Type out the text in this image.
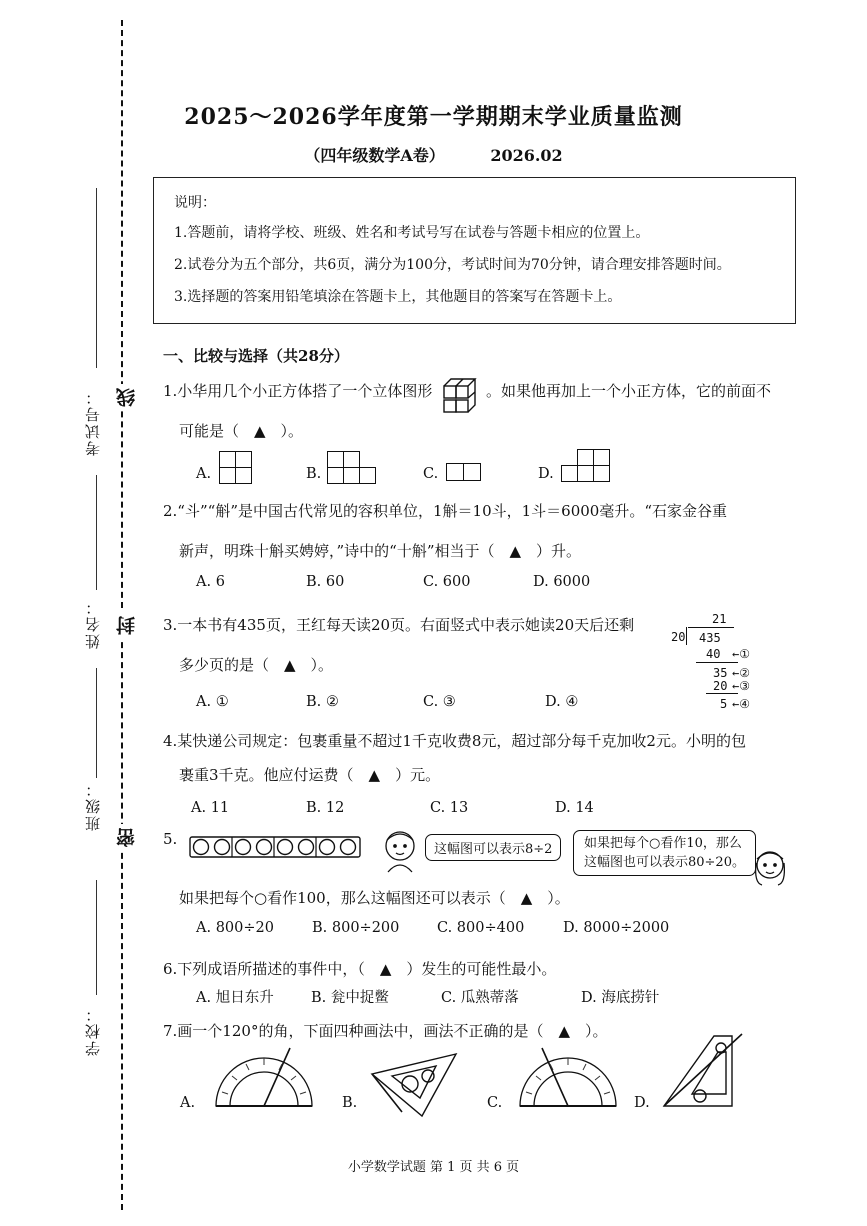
考试号：
姓名：
班级：
学校：
线
封
密
2025～2026学年度第一学期期末学业质量监测
（四年级数学A卷）	2026.02
说明：
1.答题前，请将学校、班级、姓名和考试号写在试卷与答题卡相应的位置上。
2.试卷分为五个部分，共6页，满分为100分，考试时间为70分钟，请合理安排答题时间。
3.选择题的答案用铅笔填涂在答题卡上，其他题目的答案写在答题卡上。
一、比较与选择（共28分）
1.小华用几个小正方体搭了一个立体图形	。如果他再加上一个小正方体，它的前面不
可能是（　▲　）。
A.	B.	C.	D.
2.“斗”“斛”是中国古代常见的容积单位，1斛＝10斗，1斗＝6000毫升。“石家金谷重
新声，明珠十斛买娉婷，”诗中的“十斛”相当于（　▲　）升。
A. 6	B. 60	C. 600	D. 6000
3.一本书有435页，王红每天读20页。右面竖式中表示她读20天后还剩
多少页的是（　▲　）。
A. ①	B. ②	C. ③	D. ④
21
20 435
40 ←①
35 ←②
20 ←③
5 ←④
4.某快递公司规定：包裹重量不超过1千克收费8元，超过部分每千克加收2元。小明的包
裹重3千克。他应付运费（　▲　）元。
A. 11	B. 12	C. 13	D. 14
5.
这幅图可以表示8÷2	如果把每个○看作10，那么
这幅图也可以表示80÷20。
如果把每个○看作100，那么这幅图还可以表示（　▲　）。
A. 800÷20	B. 800÷200	C. 800÷400	D. 8000÷2000
6.下列成语所描述的事件中，（　▲　）发生的可能性最小。
A. 旭日东升	B. 瓮中捉鳖	C. 瓜熟蒂落	D. 海底捞针
7.画一个120°的角，下面四种画法中，画法不正确的是（　▲　）。
A.	B.	C.	D.
小学数学试题 第 1 页 共 6 页
